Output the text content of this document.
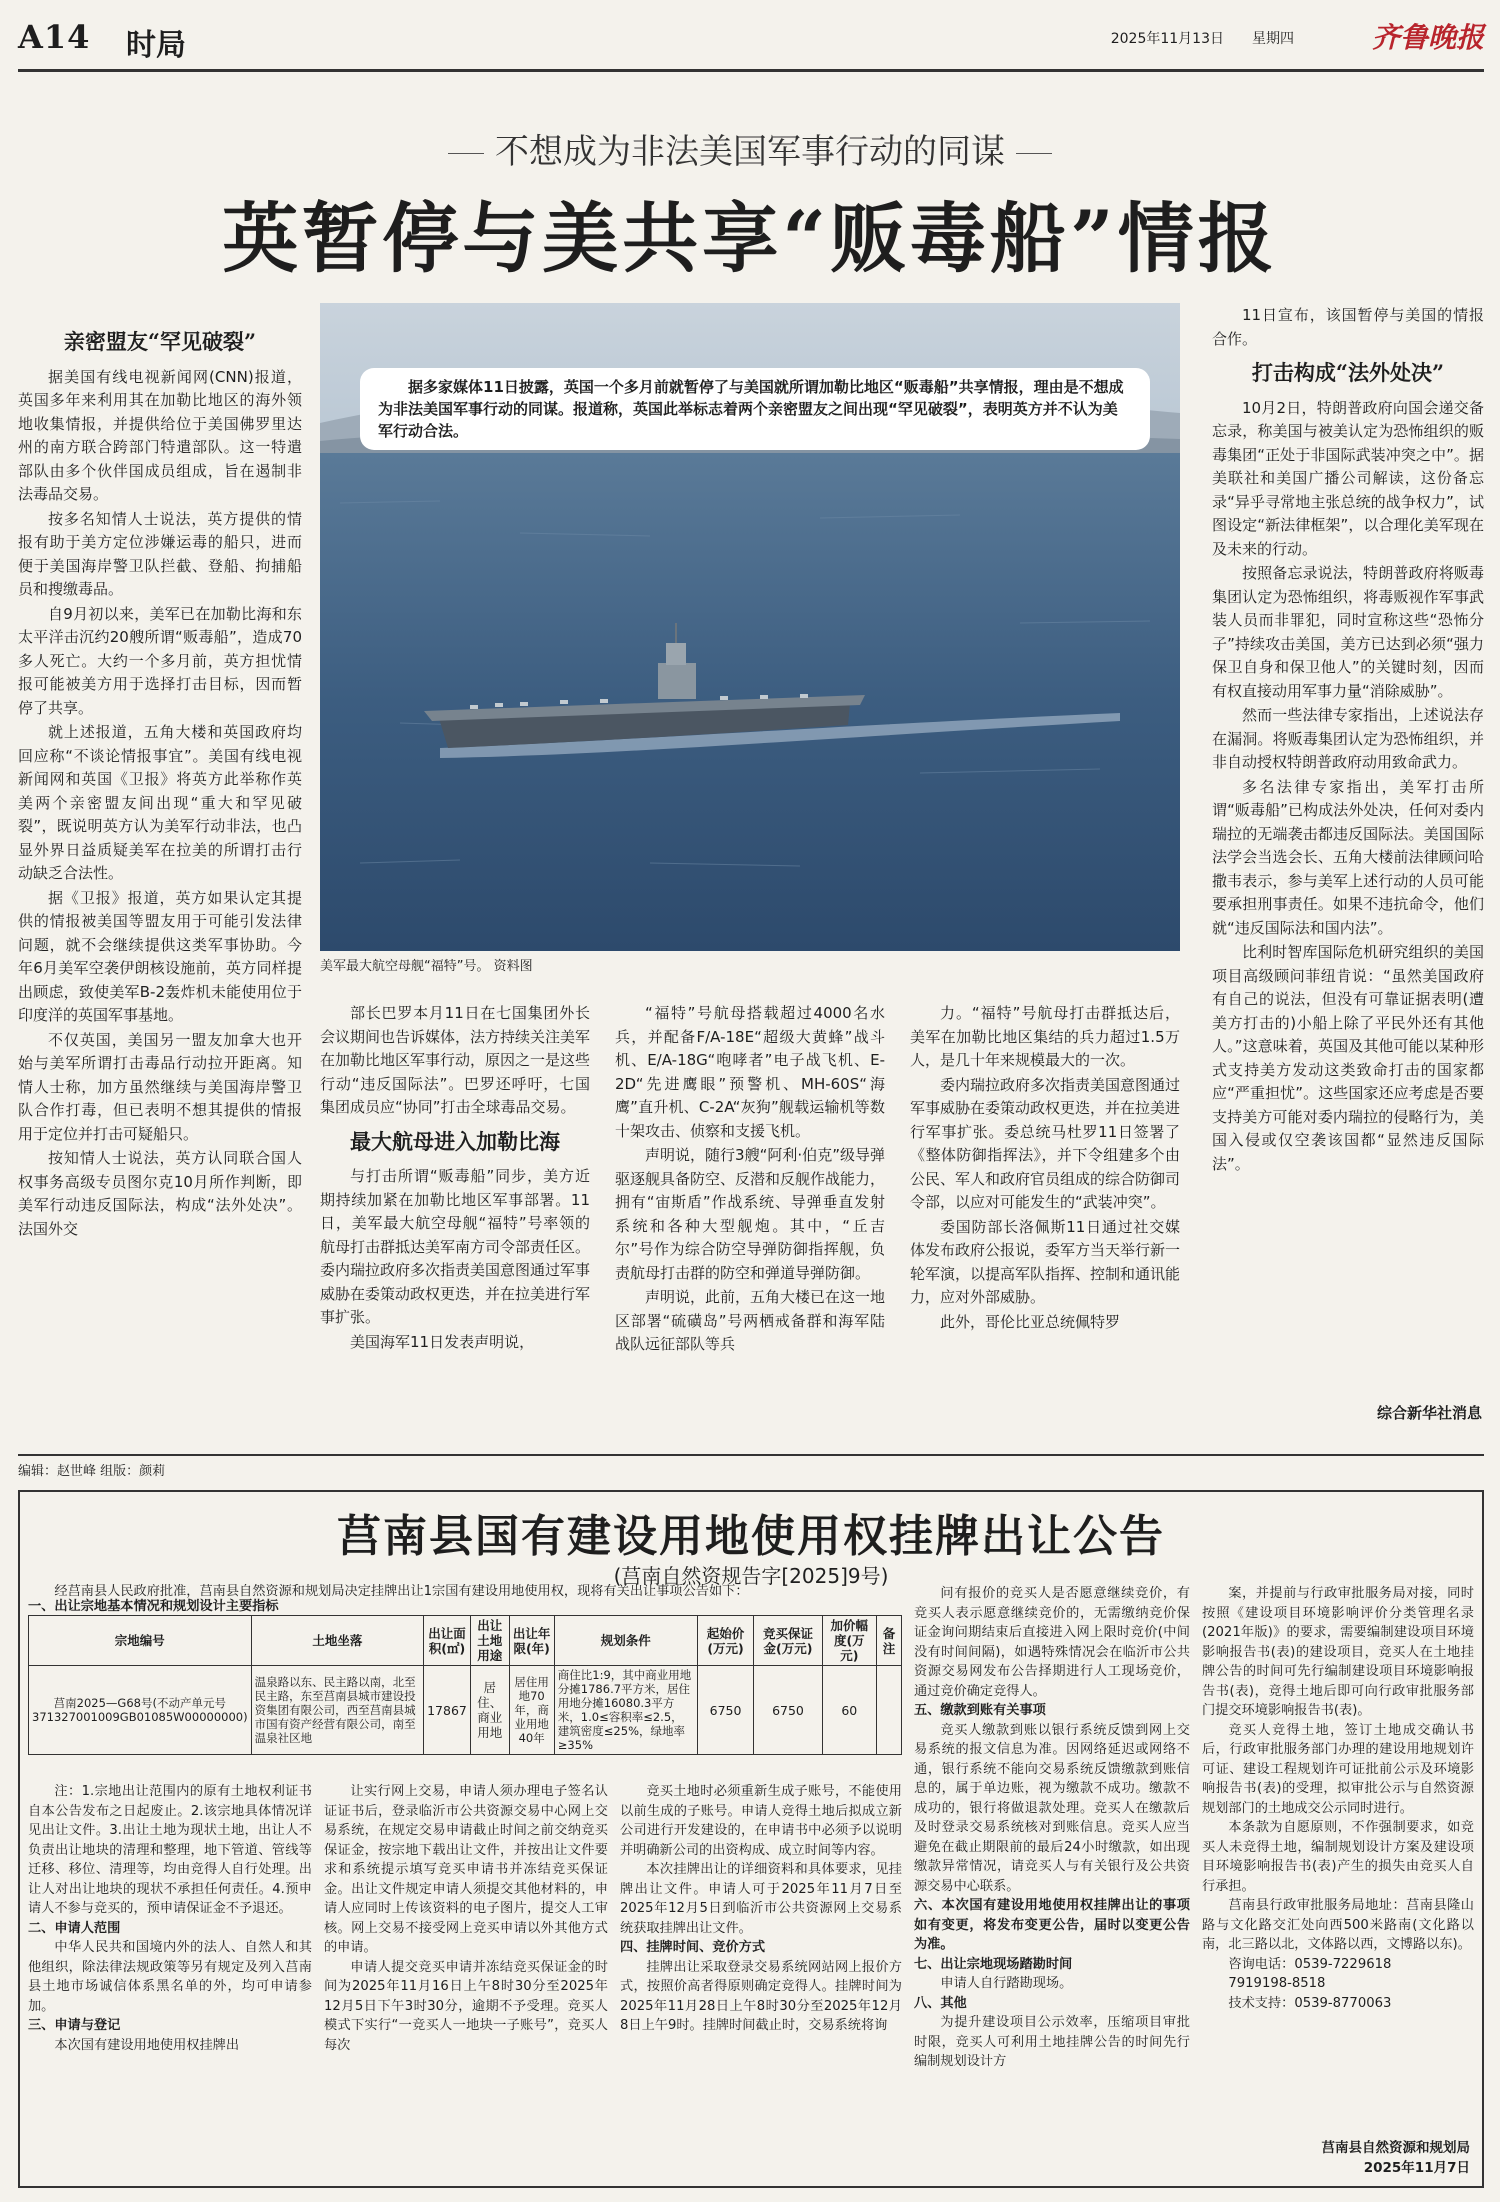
A14 时局	2025年11月13日 星期四	齐鲁晚报
不想成为非法美国军事行动的同谋
英暂停与美共享“贩毒船”情报
亲密盟友“罕见破裂”

据美国有线电视新闻网(CNN)报道，英国多年来利用其在加勒比地区的海外领地收集情报，并提供给位于美国佛罗里达州的南方联合跨部门特遣部队。这一特遣部队由多个伙伴国成员组成，旨在遏制非法毒品交易。

按多名知情人士说法，英方提供的情报有助于美方定位涉嫌运毒的船只，进而便于美国海岸警卫队拦截、登船、拘捕船员和搜缴毒品。

自9月初以来，美军已在加勒比海和东太平洋击沉约20艘所谓“贩毒船”，造成70多人死亡。大约一个多月前，英方担忧情报可能被美方用于选择打击目标，因而暂停了共享。

就上述报道，五角大楼和英国政府均回应称“不谈论情报事宜”。美国有线电视新闻网和英国《卫报》将英方此举称作英美两个亲密盟友间出现“重大和罕见破裂”，既说明英方认为美军行动非法，也凸显外界日益质疑美军在拉美的所谓打击行动缺乏合法性。

据《卫报》报道，英方如果认定其提供的情报被美国等盟友用于可能引发法律问题，就不会继续提供这类军事协助。今年6月美军空袭伊朗核设施前，英方同样提出顾虑，致使美军B-2轰炸机未能使用位于印度洋的英国军事基地。

不仅英国，美国另一盟友加拿大也开始与美军所谓打击毒品行动拉开距离。知情人士称，加方虽然继续与美国海岸警卫队合作打毒，但已表明不想其提供的情报用于定位并打击可疑船只。

按知情人士说法，英方认同联合国人权事务高级专员图尔克10月所作判断，即美军行动违反国际法，构成“法外处决”。法国外交

据多家媒体11日披露，英国一个多月前就暂停了与美国就所谓加勒比地区“贩毒船”共享情报，理由是不想成为非法美国军事行动的同谋。报道称，英国此举标志着两个亲密盟友之间出现“罕见破裂”，表明英方并不认为美军行动合法。
美军最大航空母舰“福特”号。 资料图

部长巴罗本月11日在七国集团外长会议期间也告诉媒体，法方持续关注美军在加勒比地区军事行动，原因之一是这些行动“违反国际法”。巴罗还呼吁，七国集团成员应“协同”打击全球毒品交易。

最大航母进入加勒比海

与打击所谓“贩毒船”同步，美方近期持续加紧在加勒比地区军事部署。11日，美军最大航空母舰“福特”号率领的航母打击群抵达美军南方司令部责任区。委内瑞拉政府多次指责美国意图通过军事威胁在委策动政权更迭，并在拉美进行军事扩张。

美国海军11日发表声明说，

“福特”号航母搭载超过4000名水兵，并配备F/A-18E“超级大黄蜂”战斗机、E/A-18G“咆哮者”电子战飞机、E-2D“先进鹰眼”预警机、MH-60S“海鹰”直升机、C-2A“灰狗”舰载运输机等数十架攻击、侦察和支援飞机。

声明说，随行3艘“阿利·伯克”级导弹驱逐舰具备防空、反潜和反舰作战能力，拥有“宙斯盾”作战系统、导弹垂直发射系统和各种大型舰炮。其中，“丘吉尔”号作为综合防空导弹防御指挥舰，负责航母打击群的防空和弹道导弹防御。

声明说，此前，五角大楼已在这一地区部署“硫磺岛”号两栖戒备群和海军陆战队远征部队等兵

力。“福特”号航母打击群抵达后，美军在加勒比地区集结的兵力超过1.5万人，是几十年来规模最大的一次。

委内瑞拉政府多次指责美国意图通过军事威胁在委策动政权更迭，并在拉美进行军事扩张。委总统马杜罗11日签署了《整体防御指挥法》，并下令组建多个由公民、军人和政府官员组成的综合防御司令部，以应对可能发生的“武装冲突”。

委国防部长洛佩斯11日通过社交媒体发布政府公报说，委军方当天举行新一轮军演，以提高军队指挥、控制和通讯能力，应对外部威胁。

此外，哥伦比亚总统佩特罗

11日宣布，该国暂停与美国的情报合作。

打击构成“法外处决”

10月2日，特朗普政府向国会递交备忘录，称美国与被美认定为恐怖组织的贩毒集团“正处于非国际武装冲突之中”。据美联社和美国广播公司解读，这份备忘录“异乎寻常地主张总统的战争权力”，试图设定“新法律框架”，以合理化美军现在及未来的行动。

按照备忘录说法，特朗普政府将贩毒集团认定为恐怖组织，将毒贩视作军事武装人员而非罪犯，同时宣称这些“恐怖分子”持续攻击美国，美方已达到必须“强力保卫自身和保卫他人”的关键时刻，因而有权直接动用军事力量“消除威胁”。

然而一些法律专家指出，上述说法存在漏洞。将贩毒集团认定为恐怖组织，并非自动授权特朗普政府动用致命武力。

多名法律专家指出，美军打击所谓“贩毒船”已构成法外处决，任何对委内瑞拉的无端袭击都违反国际法。美国国际法学会当选会长、五角大楼前法律顾问哈撒韦表示，参与美军上述行动的人员可能要承担刑事责任。如果不违抗命令，他们就“违反国际法和国内法”。

比利时智库国际危机研究组织的美国项目高级顾问菲纽肯说：“虽然美国政府有自己的说法，但没有可靠证据表明(遭美方打击的)小船上除了平民外还有其他人。”这意味着，英国及其他可能以某种形式支持美方发动这类致命打击的国家都应“严重担忧”。这些国家还应考虑是否要支持美方可能对委内瑞拉的侵略行为，美国入侵或仅空袭该国都“显然违反国际法”。

综合新华社消息
编辑：赵世峰 组版：颜莉
莒南县国有建设用地使用权挂牌出让公告
(莒南自然资规告字[2025]9号)

经莒南县人民政府批准，莒南县自然资源和规划局决定挂牌出让1宗国有建设用地使用权，现将有关出让事项公告如下：

一、出让宗地基本情况和规划设计主要指标
宗地编号	土地坐落	出让面积(㎡)	出让土地用途	出让年限(年)	规划条件	起始价(万元)	竞买保证金(万元)	加价幅度(万元)	备注
莒南2025—G68号(不动产单元号371327001009GB01085W00000000)	温泉路以东、民主路以南，北至民主路，东至莒南县城市建设投资集团有限公司，西至莒南县城市国有资产经营有限公司，南至温泉社区地	17867	居住、商业用地	居住用地70年，商业用地40年	商住比1:9，其中商业用地分摊1786.7平方米，居住用地分摊16080.3平方米，1.0≤容积率≤2.5，建筑密度≤25%，绿地率≥35%	6750	6750	60	

注：1.宗地出让范围内的原有土地权利证书自本公告发布之日起废止。2.该宗地具体情况详见出让文件。3.出让土地为现状土地，出让人不负责出让地块的清理和整理，地下管道、管线等迁移、移位、清理等，均由竞得人自行处理。出让人对出让地块的现状不承担任何责任。4.预申请人不参与竞买的，预申请保证金不予退还。

二、申请人范围

中华人民共和国境内外的法人、自然人和其他组织，除法律法规政策等另有规定及列入莒南县土地市场诚信体系黑名单的外，均可申请参加。

三、申请与登记

本次国有建设用地使用权挂牌出

让实行网上交易，申请人须办理电子签名认证证书后，登录临沂市公共资源交易中心网上交易系统，在规定交易申请截止时间之前交纳竞买保证金，按宗地下载出让文件，并按出让文件要求和系统提示填写竞买申请书并冻结竞买保证金。出让文件规定申请人须提交其他材料的，申请人应同时上传该资料的电子图片，提交人工审核。网上交易不接受网上竞买申请以外其他方式的申请。

申请人提交竞买申请并冻结竞买保证金的时间为2025年11月16日上午8时30分至2025年12月5日下午3时30分，逾期不予受理。竞买人模式下实行“一竞买人一地块一子账号”，竞买人每次

竞买土地时必须重新生成子账号，不能使用以前生成的子账号。申请人竞得土地后拟成立新公司进行开发建设的，在申请书中必须予以说明并明确新公司的出资构成、成立时间等内容。

本次挂牌出让的详细资料和具体要求，见挂牌出让文件。申请人可于2025年11月7日至2025年12月5日到临沂市公共资源网上交易系统获取挂牌出让文件。

四、挂牌时间、竞价方式

挂牌出让采取登录交易系统网站网上报价方式，按照价高者得原则确定竞得人。挂牌时间为2025年11月28日上午8时30分至2025年12月8日上午9时。挂牌时间截止时，交易系统将询

问有报价的竞买人是否愿意继续竞价，有竞买人表示愿意继续竞价的，无需缴纳竞价保证金询问期结束后直接进入网上限时竞价(中间没有时间间隔)，如遇特殊情况会在临沂市公共资源交易网发布公告择期进行人工现场竞价，通过竞价确定竞得人。

五、缴款到账有关事项

竞买人缴款到账以银行系统反馈到网上交易系统的报文信息为准。因网络延迟或网络不通，银行系统不能向交易系统反馈缴款到账信息的，属于单边账，视为缴款不成功。缴款不成功的，银行将做退款处理。竞买人在缴款后及时登录交易系统核对到账信息。竞买人应当避免在截止期限前的最后24小时缴款，如出现缴款异常情况，请竞买人与有关银行及公共资源交易中心联系。

六、本次国有建设用地使用权挂牌出让的事项如有变更，将发布变更公告，届时以变更公告为准。

七、出让宗地现场踏勘时间

申请人自行踏勘现场。

八、其他

为提升建设项目公示效率，压缩项目审批时限，竞买人可利用土地挂牌公告的时间先行编制规划设计方

案，并提前与行政审批服务局对接，同时按照《建设项目环境影响评价分类管理名录(2021年版)》的要求，需要编制建设项目环境影响报告书(表)的建设项目，竞买人在土地挂牌公告的时间可先行编制建设项目环境影响报告书(表)，竞得土地后即可向行政审批服务部门提交环境影响报告书(表)。

竞买人竞得土地，签订土地成交确认书后，行政审批服务部门办理的建设用地规划许可证、建设工程规划许可证批前公示及环境影响报告书(表)的受理，拟审批公示与自然资源规划部门的土地成交公示同时进行。

本条款为自愿原则，不作强制要求，如竞买人未竞得土地，编制规划设计方案及建设项目环境影响报告书(表)产生的损失由竞买人自行承担。

莒南县行政审批服务局地址：莒南县隆山路与文化路交汇处向西500米路南(文化路以南，北三路以北，文体路以西，文博路以东)。

咨询电话：0539-7229618

7919198-8518

技术支持：0539-8770063

莒南县自然资源和规划局
2025年11月7日
